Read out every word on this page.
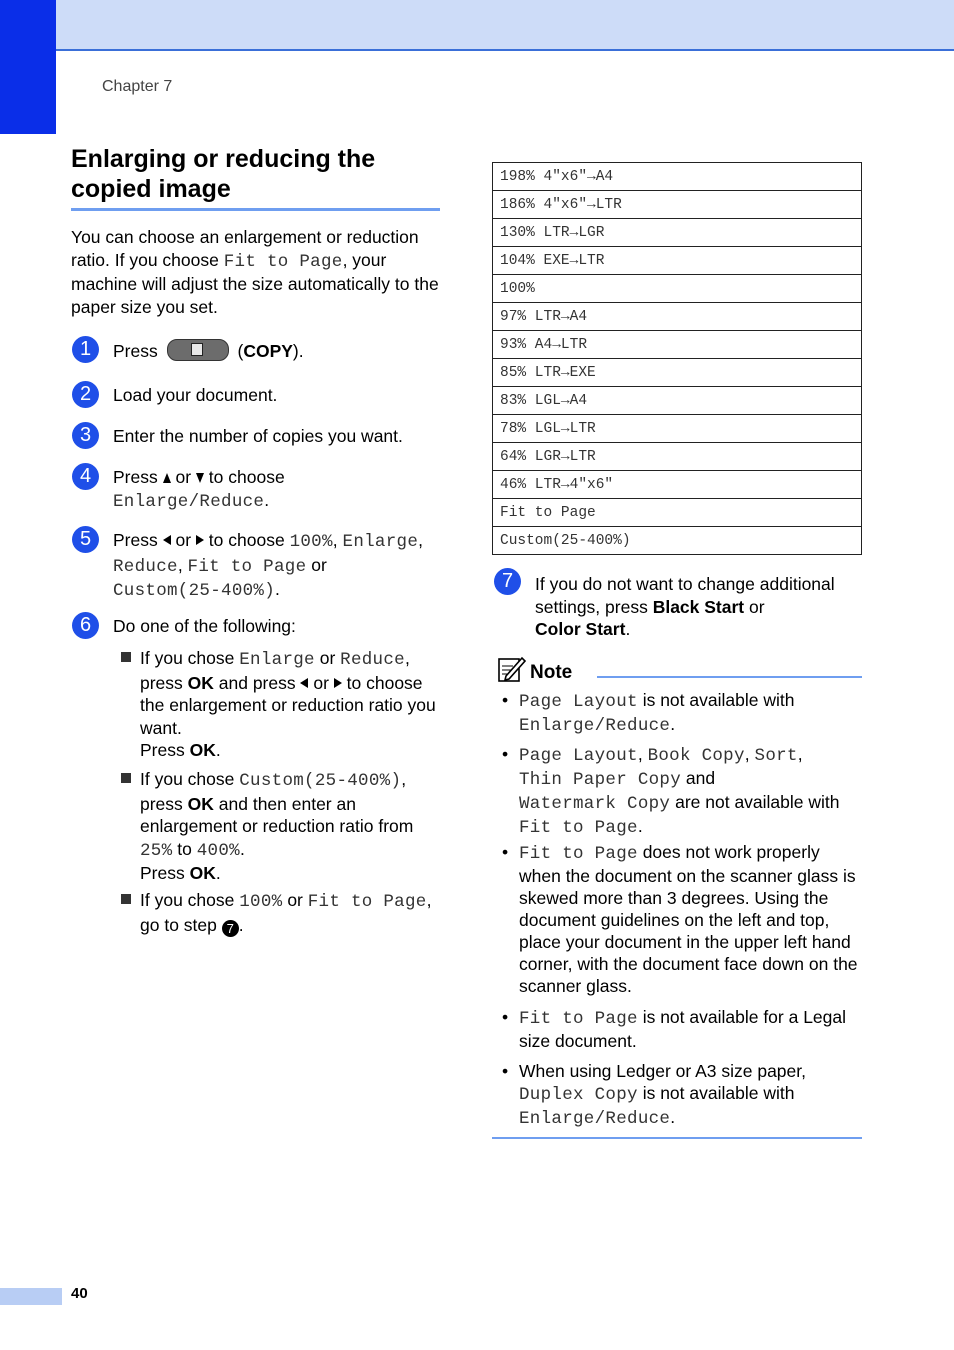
Chapter 7
Enlarging or reducing the copied image
You can choose an enlargement or reduction ratio. If you choose Fit to Page, your machine will adjust the size automatically to the paper size you set.
1	Press	(COPY).
2	Load your document.
3	Enter the number of copies you want.
4	Press or to choose
Enlarge/Reduce.
5	Press or to choose 100%, Enlarge,
Reduce, Fit to Page or
Custom(25-400%).
6	Do one of the following:
If you chose Enlarge or Reduce, press OK and press  or  to choose the enlargement or reduction ratio you want.
Press OK.
If you chose Custom(25-400%), press OK and then enter an enlargement or reduction ratio from 25% to 400%.
Press OK.
If you chose 100% or Fit to Page, go to step 7 .
198% 4"x6"→A4
186% 4"x6"→LTR
130% LTR→LGR
104% EXE→LTR
100%
97% LTR→A4
93% A4→LTR
85% LTR→EXE
83% LGL→A4
78% LGL→LTR
64% LGR→LTR
46% LTR→4"x6"
Fit to Page
Custom(25-400%)
7	If you do not want to change additional settings, press Black Start or
Color Start.
Note
• Page Layout is not available with
Enlarge/Reduce.
• Page Layout, Book Copy, Sort,
Thin Paper Copy and
Watermark Copy are not available with
Fit to Page.
• Fit to Page does not work properly when the document on the scanner glass is skewed more than 3 degrees. Using the document guidelines on the left and top, place your document in the upper left hand corner, with the document face down on the scanner glass.
• Fit to Page is not available for a Legal size document.
• When using Ledger or A3 size paper,
Duplex Copy is not available with
Enlarge/Reduce.
40
